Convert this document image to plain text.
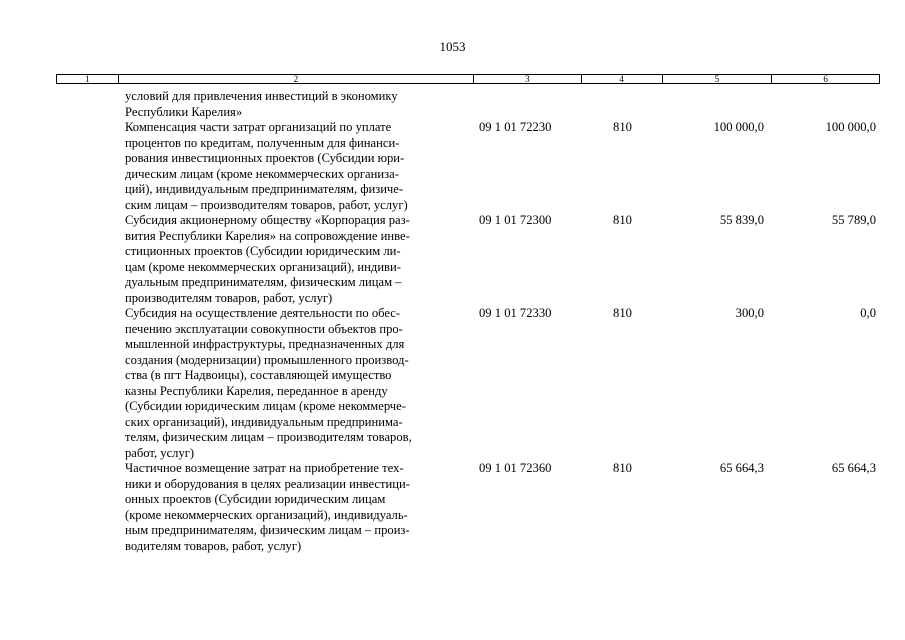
1053
1	2	3	4	5	6
условий для привлечения инвестиций в экономику
Республики Карелия»
Компенсация части затрат организаций по уплате
процентов по кредитам, полученным для финанси-
рования инвестиционных проектов (Субсидии юри-
дическим лицам (кроме некоммерческих организа-
ций), индивидуальным предпринимателям, физиче-
ским лицам – производителям товаров, работ, услуг)
09 1 01 72230	810	100 000,0	100 000,0
Субсидия акционерному обществу «Корпорация раз-
вития Республики Карелия» на сопровождение инве-
стиционных проектов (Субсидии юридическим ли-
цам (кроме некоммерческих организаций), индиви-
дуальным предпринимателям, физическим лицам –
производителям товаров, работ, услуг)
09 1 01 72300	810	55 839,0	55 789,0
Субсидия на осуществление деятельности по обес-
печению эксплуатации совокупности объектов про-
мышленной инфраструктуры, предназначенных для
создания (модернизации) промышленного производ-
ства (в пгт Надвоицы), составляющей имущество
казны Республики Карелия, переданное в аренду
(Субсидии юридическим лицам (кроме некоммерче-
ских организаций), индивидуальным предпринима-
телям, физическим лицам – производителям товаров,
работ, услуг)
09 1 01 72330	810	300,0	0,0
Частичное возмещение затрат на приобретение тех-
ники и оборудования в целях реализации инвестици-
онных проектов (Субсидии юридическим лицам
(кроме некоммерческих организаций), индивидуаль-
ным предпринимателям, физическим лицам – произ-
водителям товаров, работ, услуг)
09 1 01 72360	810	65 664,3	65 664,3
